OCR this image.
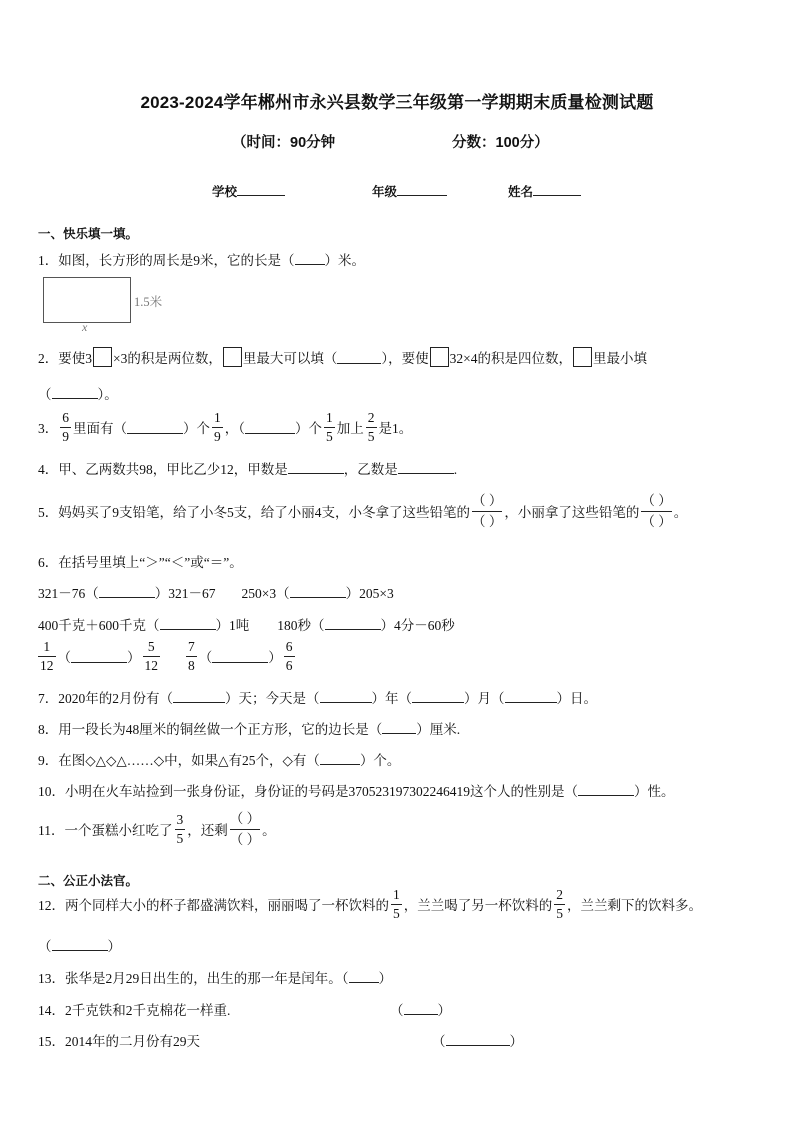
2023-2024学年郴州市永兴县数学三年级第一学期期末质量检测试题
（时间：90分钟	分数：100分）
学校	年级	姓名
一、快乐填一填。
1．如图，长方形的周长是9米，它的长是（ ）米。
1.5米
x
2．要使3 ×3的积是两位数， 里最大可以填（	），要使 32×4的积是四位数， 里最小填
（	）。
3． $\frac{6}{9}$ 里面有（	）个 $\frac{1}{9}$ ，（	）个 $\frac{1}{5}$ 加上 $\frac{2}{5}$ 是1。
4．甲、乙两数共98，甲比乙少12，甲数是	，乙数是	.
5．妈妈买了9支铅笔，给了小冬5支，给了小丽4支，小冬拿了这些铅笔的
（ ）
（ ）
，小丽拿了这些铅笔的
（ ）
（ ）
。
6．在括号里填上“＞”“＜”或“＝”。
321－76（	）321－67 250×3（	）205×3
400千克＋600千克（	）1吨 180秒（	）4分－60秒
$\frac{1}{12}$ （	） $\frac{5}{12} \frac{7}{8}$ （	） $\frac{6}{6}$
7．2020年的2月份有（	）天；今天是（	）年（	）月（	）日。
8．用一段长为48厘米的铜丝做一个正方形，它的边长是（	）厘米.
9．在图◇△◇△……◇中，如果△有25个，◇有（	）个。
10．小明在火车站捡到一张身份证，身份证的号码是370523197302246419这个人的性别是（	）性。
11．一个蛋糕小红吃了 $\frac{3}{5}$ ，还剩
（ ）
（ ）
。
二、公正小法官。
12．两个同样大小的杯子都盛满饮料，丽丽喝了一杯饮料的 $\frac{1}{5}$ ，兰兰喝了另一杯饮料的 $\frac{2}{5}$ ，兰兰剩下的饮料多。
（	）
13．张华是2月29日出生的，出生的那一年是闰年。（ ）
14．2千克铁和2千克棉花一样重.	（	）
15．2014年的二月份有29天	（	）
